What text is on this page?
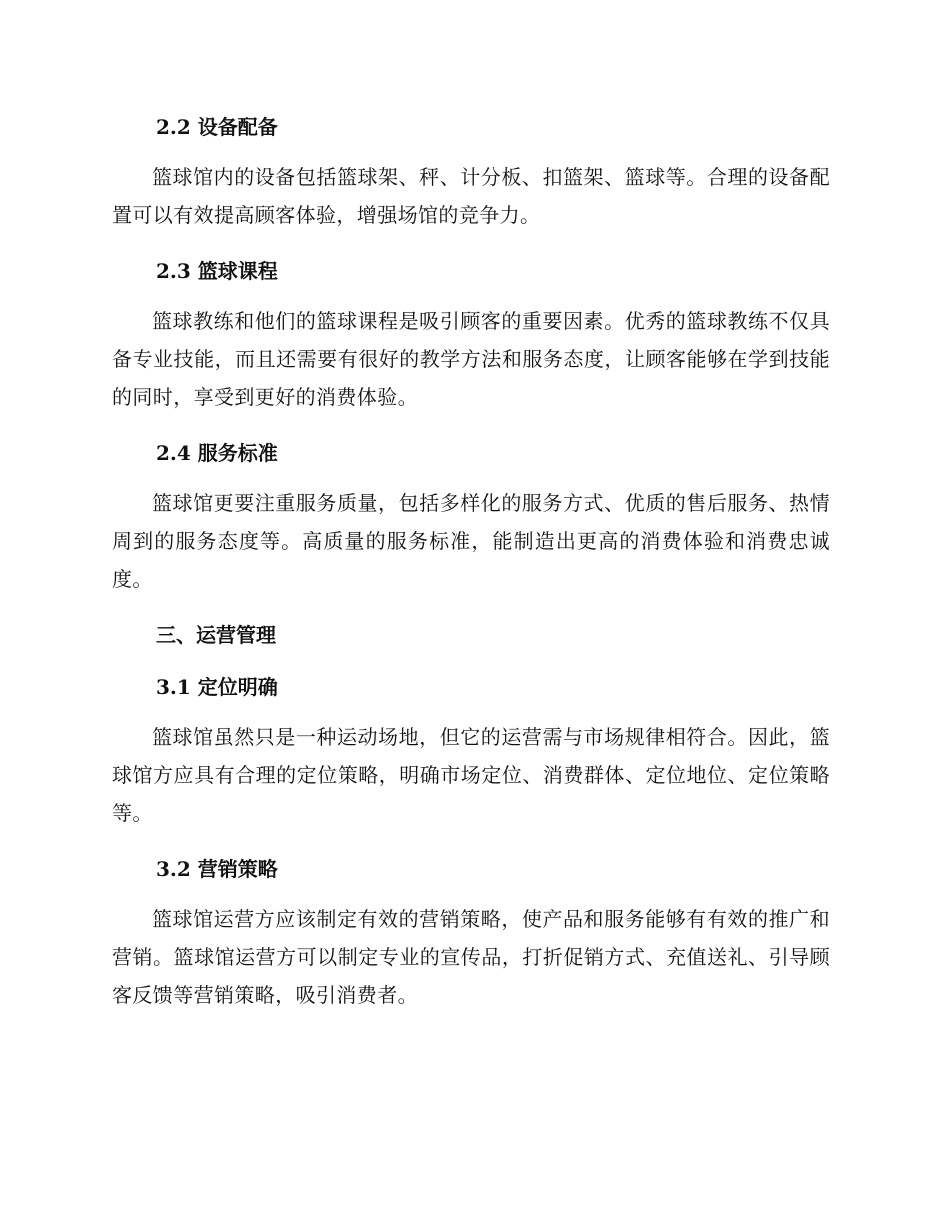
2.2 设备配备

篮球馆内的设备包括篮球架、秤、计分板、扣篮架、篮球等。合理的设备配置可以有效提高顾客体验，增强场馆的竞争力。

2.3 篮球课程

篮球教练和他们的篮球课程是吸引顾客的重要因素。优秀的篮球教练不仅具备专业技能，而且还需要有很好的教学方法和服务态度，让顾客能够在学到技能的同时，享受到更好的消费体验。

2.4 服务标准

篮球馆更要注重服务质量，包括多样化的服务方式、优质的售后服务、热情周到的服务态度等。高质量的服务标准，能制造出更高的消费体验和消费忠诚度。

三、运营管理
3.1 定位明确

篮球馆虽然只是一种运动场地，但它的运营需与市场规律相符合。因此，篮球馆方应具有合理的定位策略，明确市场定位、消费群体、定位地位、定位策略等。

3.2 营销策略

篮球馆运营方应该制定有效的营销策略，使产品和服务能够有有效的推广和营销。篮球馆运营方可以制定专业的宣传品，打折促销方式、充值送礼、引导顾客反馈等营销策略，吸引消费者。
